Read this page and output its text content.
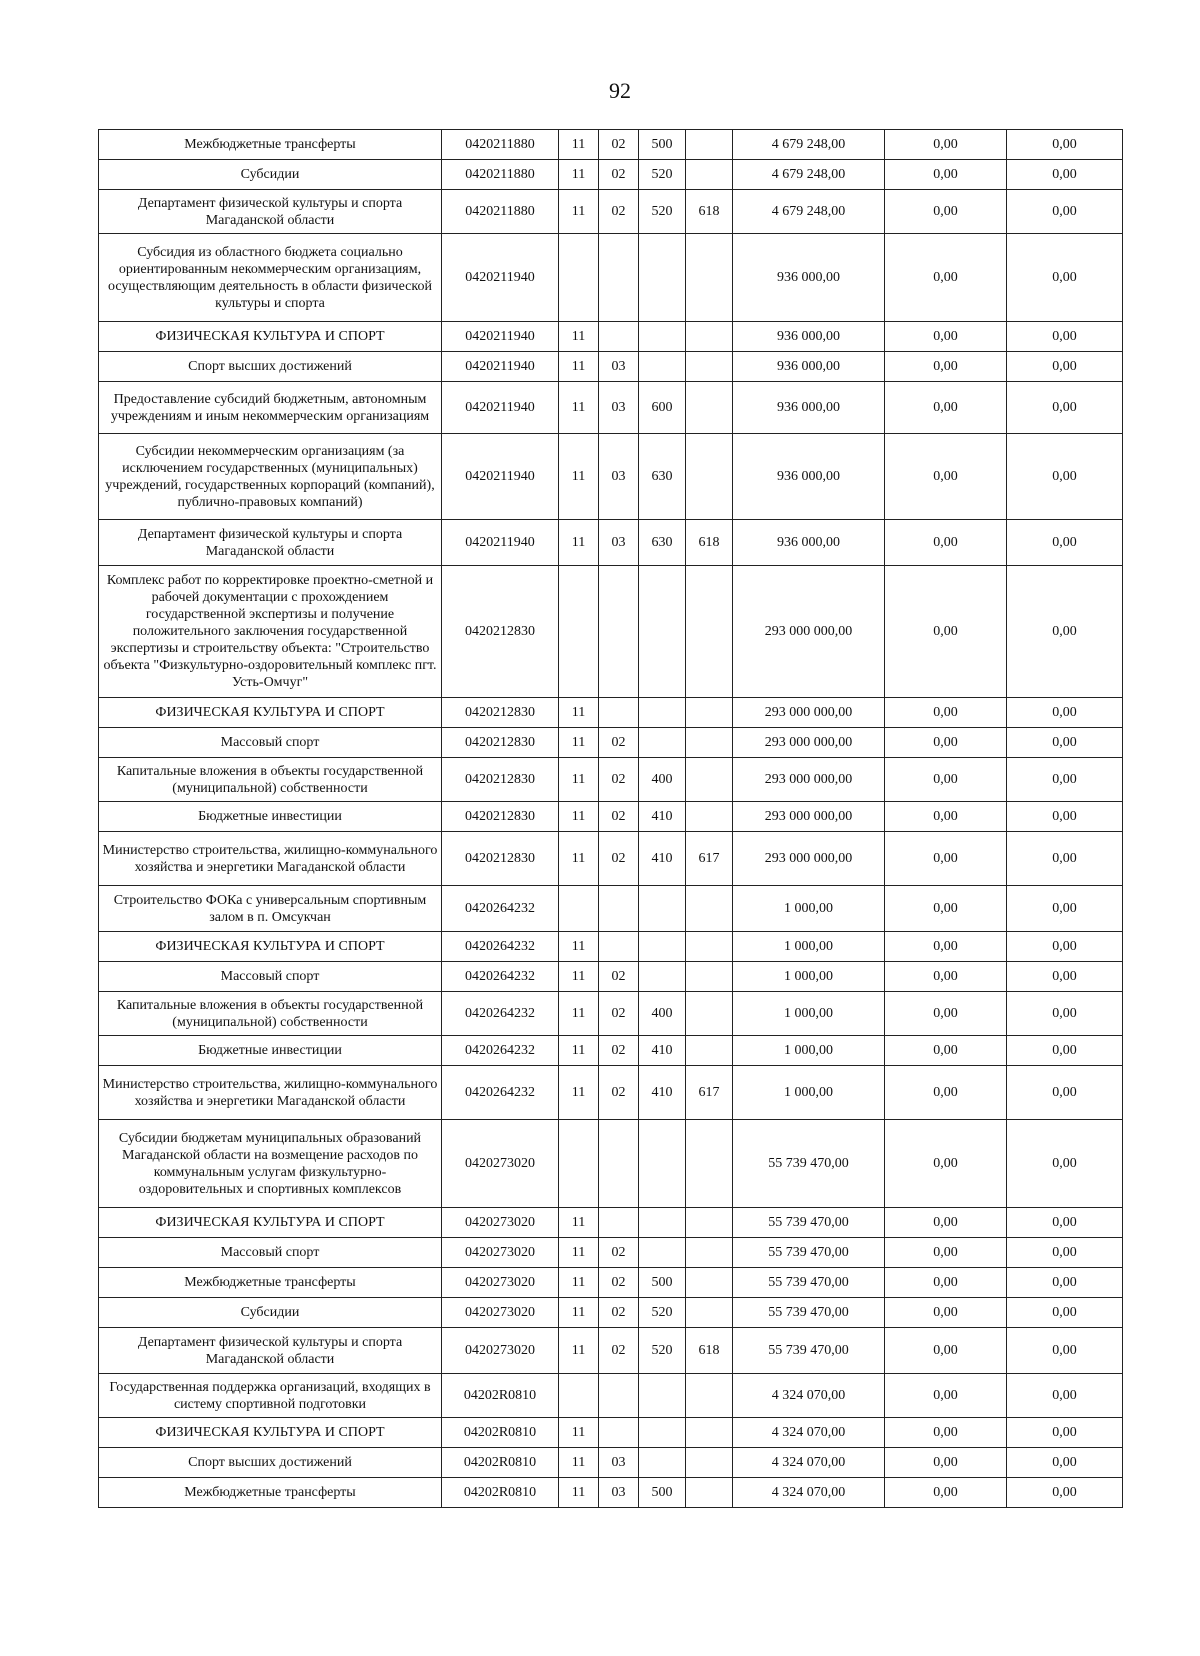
92
Межбюджетные трансферты	0420211880	11	02	500		4 679 248,00	0,00	0,00
Субсидии	0420211880	11	02	520		4 679 248,00	0,00	0,00
Департамент физической культуры и спорта Магаданской области	0420211880	11	02	520	618	4 679 248,00	0,00	0,00
Субсидия из областного бюджета социально ориентированным некоммерческим организациям, осуществляющим деятельность в области физической культуры и спорта	0420211940					936 000,00	0,00	0,00
ФИЗИЧЕСКАЯ КУЛЬТУРА И СПОРТ	0420211940	11				936 000,00	0,00	0,00
Спорт высших достижений	0420211940	11	03			936 000,00	0,00	0,00
Предоставление субсидий бюджетным, автономным учреждениям и иным некоммерческим организациям	0420211940	11	03	600		936 000,00	0,00	0,00
Субсидии некоммерческим организациям (за исключением государственных (муниципальных) учреждений, государственных корпораций (компаний), публично-правовых компаний)	0420211940	11	03	630		936 000,00	0,00	0,00
Департамент физической культуры и спорта Магаданской области	0420211940	11	03	630	618	936 000,00	0,00	0,00
Комплекс работ по корректировке проектно-сметной и рабочей документации с прохождением государственной экспертизы и получение положительного заключения государственной экспертизы и строительству объекта: "Строительство объекта "Физкультурно-оздоровительный комплекс пгт. Усть-Омчуг"	0420212830					293 000 000,00	0,00	0,00
ФИЗИЧЕСКАЯ КУЛЬТУРА И СПОРТ	0420212830	11				293 000 000,00	0,00	0,00
Массовый спорт	0420212830	11	02			293 000 000,00	0,00	0,00
Капитальные вложения в объекты государственной (муниципальной) собственности	0420212830	11	02	400		293 000 000,00	0,00	0,00
Бюджетные инвестиции	0420212830	11	02	410		293 000 000,00	0,00	0,00
Министерство строительства, жилищно-коммунального хозяйства и энергетики Магаданской области	0420212830	11	02	410	617	293 000 000,00	0,00	0,00
Строительство ФОКа с универсальным спортивным залом в п. Омсукчан	0420264232					1 000,00	0,00	0,00
ФИЗИЧЕСКАЯ КУЛЬТУРА И СПОРТ	0420264232	11				1 000,00	0,00	0,00
Массовый спорт	0420264232	11	02			1 000,00	0,00	0,00
Капитальные вложения в объекты государственной (муниципальной) собственности	0420264232	11	02	400		1 000,00	0,00	0,00
Бюджетные инвестиции	0420264232	11	02	410		1 000,00	0,00	0,00
Министерство строительства, жилищно-коммунального хозяйства и энергетики Магаданской области	0420264232	11	02	410	617	1 000,00	0,00	0,00
Субсидии бюджетам муниципальных образований Магаданской области на возмещение расходов по коммунальным услугам физкультурно-оздоровительных и спортивных комплексов	0420273020					55 739 470,00	0,00	0,00
ФИЗИЧЕСКАЯ КУЛЬТУРА И СПОРТ	0420273020	11				55 739 470,00	0,00	0,00
Массовый спорт	0420273020	11	02			55 739 470,00	0,00	0,00
Межбюджетные трансферты	0420273020	11	02	500		55 739 470,00	0,00	0,00
Субсидии	0420273020	11	02	520		55 739 470,00	0,00	0,00
Департамент физической культуры и спорта Магаданской области	0420273020	11	02	520	618	55 739 470,00	0,00	0,00
Государственная поддержка организаций, входящих в систему спортивной подготовки	04202R0810					4 324 070,00	0,00	0,00
ФИЗИЧЕСКАЯ КУЛЬТУРА И СПОРТ	04202R0810	11				4 324 070,00	0,00	0,00
Спорт высших достижений	04202R0810	11	03			4 324 070,00	0,00	0,00
Межбюджетные трансферты	04202R0810	11	03	500		4 324 070,00	0,00	0,00
